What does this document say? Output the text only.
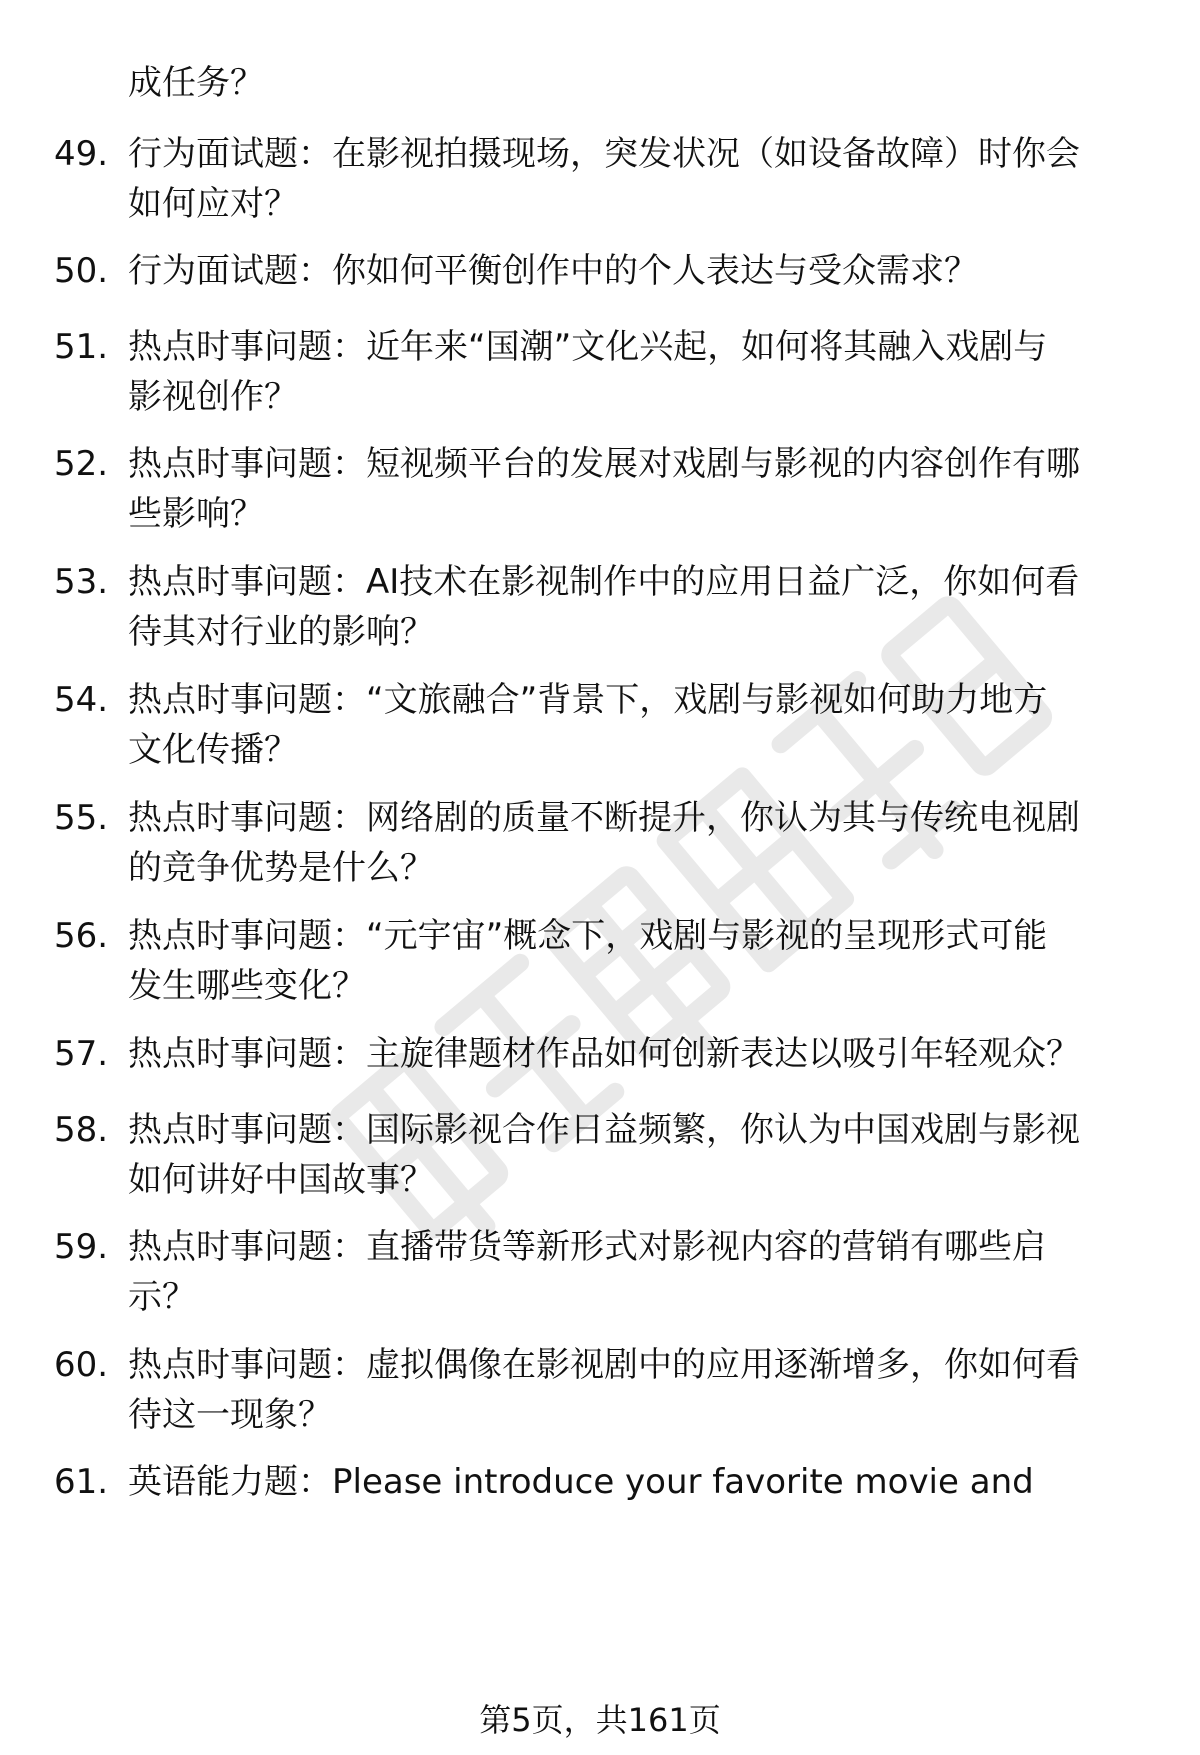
成任务？
49. 行为面试题：在影视拍摄现场，突发状况（如设备故障）时你会
如何应对？

50. 行为面试题：你如何平衡创作中的个人表达与受众需求？

51. 热点时事问题：近年来“国潮”文化兴起，如何将其融入戏剧与
影视创作？

52. 热点时事问题：短视频平台的发展对戏剧与影视的内容创作有哪
些影响？

53. 热点时事问题：AI技术在影视制作中的应用日益广泛，你如何看
待其对行业的影响？

54. 热点时事问题：“文旅融合”背景下，戏剧与影视如何助力地方
文化传播？

55. 热点时事问题：网络剧的质量不断提升，你认为其与传统电视剧
的竞争优势是什么？

56. 热点时事问题：“元宇宙”概念下，戏剧与影视的呈现形式可能
发生哪些变化？

57. 热点时事问题：主旋律题材作品如何创新表达以吸引年轻观众？

58. 热点时事问题：国际影视合作日益频繁，你认为中国戏剧与影视
如何讲好中国故事？

59. 热点时事问题：直播带货等新形式对影视内容的营销有哪些启
示？

60. 热点时事问题：虚拟偶像在影视剧中的应用逐渐增多，你如何看
待这一现象？

61. 英语能力题：Please introduce your favorite movie and

第5页，共161页
